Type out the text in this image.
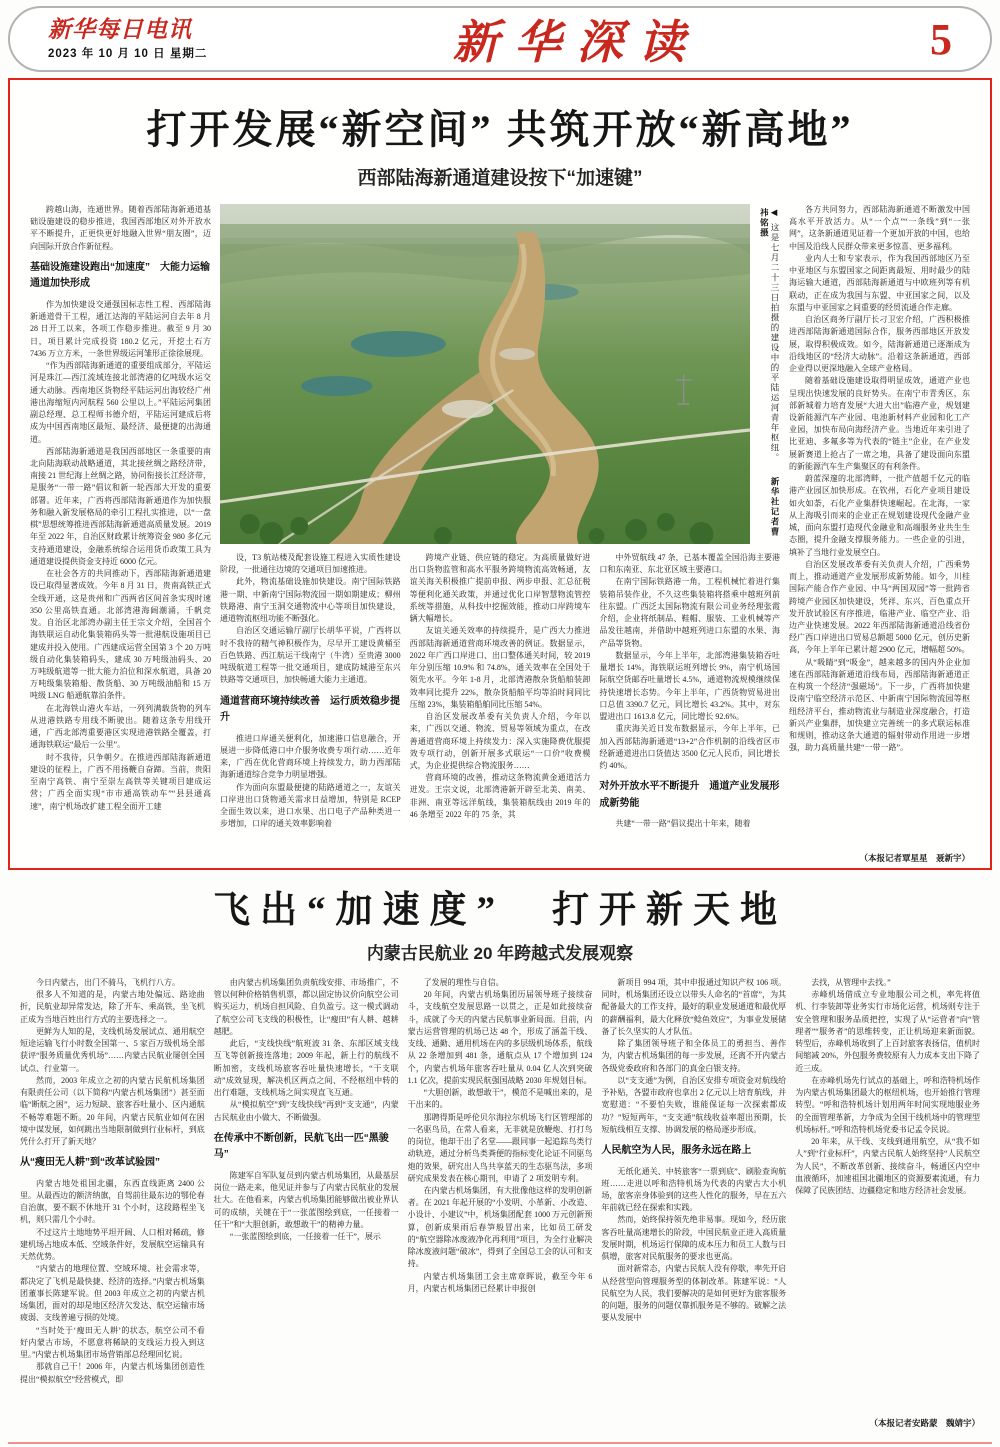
新华每日电讯
2023 年 10 月 10 日 星期二	新华深读	5
打开发展“新空间” 共筑开放“新高地”
西部陆海新通道建设按下“加速键”

跨越山海，连通世界。随着西部陆海新通道基础设施建设的稳步推进，我国西部地区对外开放水平不断提升，正更快更好地融入世界“朋友圈”，迈向国际开放合作新征程。

基础设施建设跑出“加速度”　大能力运输通道加快形成

作为加快建设交通强国标志性工程、西部陆海新通道骨干工程，通江达海的平陆运河自去年 8 月 28 日开工以来，各项工作稳步推进。截至 9 月 30 日，项目累计完成投资 180.2 亿元，开挖土石方 7436 万立方米，一条世界级运河雏形正徐徐展现。

“作为西部陆海新通道的重要组成部分，平陆运河是珠江—西江流域连接北部湾港的亿吨级水运交通大动脉。西南地区货物经平陆运河出海较经广州港出海缩短内河航程 560 公里以上。”平陆运河集团副总经理、总工程师书德介绍，平陆运河建成后将成为中国西南地区最短、最经济、最便捷的出海通道。

西部陆海新通道是我国西部地区一条重要的南北向陆海联动战略通道，其北接丝绸之路经济带，南接 21 世纪海上丝绸之路，协同衔接长江经济带，是服务“一带一路”倡议和新一轮西部大开发的重要部署。近年来，广西将西部陆海新通道作为加快服务和融入新发展格局的牵引工程扎实推进，以“一盘棋”思想统筹推进西部陆海新通道高质量发展。2019 年至 2022 年，自治区财政累计统筹资金 980 多亿元支持通道建设，金融系统综合运用货币政策工具为通道建设提供资金支持近 6000 亿元。

在社会各方的共同推动下，西部陆海新通道建设已取得显著成效。今年 8 月 31 日，贵南高铁正式全线开通，这是贵州和广西两省区间首条实现时速 350 公里高铁直通。北部湾港海阔潮涌，千帆竞发。自治区北部湾办副主任王宗文介绍，全国首个海铁联运自动化集装箱码头等一批港航设施项目已建成并投入使用。广西建成运营全国第 3 个 20 万吨级自动化集装箱码头，建成 30 万吨级油码头、20 万吨级航道等一批大能力泊位和深水航道，具备 20 万吨级集装箱船、散货船、30 万吨级油船和 15 万吨级 LNG 船通航靠泊条件。

在北海铁山港火车站，一列列满载货物的列车从进港铁路专用线不断驶出。随着这条专用线开通，广西北部湾重要港区实现进港铁路全覆盖，打通海铁联运“最后一公里”。

时不我待，只争朝夕。在推进西部陆海新通道建设的征程上，广西不用扬鞭自奋蹄。当前，贵阳至南宁高铁、南宁至崇左高铁等关键项目建成运营；广西全面实现“市市通高铁动车”“县县通高速”，南宁机场改扩建工程全面开工建

◀ 这是七月二十三日拍摄的建设中的平陆运河青年枢纽。 新华社记者曹祎铭摄

设，T3 航站楼及配套设施工程进入实质性建设阶段，一批通往边境的交通项目加速推进。

此外，物流基础设施加快建设。南宁国际铁路港一期、中新南宁国际物流园一期如期建成；柳州铁路港、南宁玉洞交通物流中心等项目加快建设，通道物流枢纽功能不断强化。

自治区交通运输厅副厅长胡华平说，广西将以时不我待的精气神积极作为，尽早开工建设黄桶至百色铁路、西江航运干线南宁（牛湾）至贵港 3000 吨级航道工程等一批交通项目，建成防城港至东兴铁路等交通项目，加快畅通大能力主通道。

通道营商环境持续改善　运行质效稳步提升

推进口岸通关便利化，加速港口信息融合，开展进一步降低港口中介服务收费专项行动……近年来，广西在优化营商环境上持续发力，助力西部陆海新通道综合竞争力明显增强。

作为面向东盟最便捷的陆路通道之一，友谊关口岸进出口货物通关需求日益增加，特别是 RCEP 全面生效以来，进口水果、出口电子产品种类进一步增加，口岸的通关效率影响着

跨境产业链、供应链的稳定。为高质量做好进出口货物监管和高水平服务跨境物流高效畅通，友谊关海关积极推广提前申报、两步申报、汇总征税等便利化通关政策，并通过优化口岸智慧物流管控系统等措施，从科技中挖掘效能，推动口岸跨境车辆大幅增长。

友谊关通关效率的持续提升，是广西大力推进西部陆海新通道营商环境改善的例证。数据显示，2022 年广西口岸进口、出口整体通关时间，较 2019 年分别压缩 10.9% 和 74.8%，通关效率在全国处于领先水平。今年 1-8 月，北部湾港散杂货船舶装卸效率同比提升 22%，散杂货船舶平均等泊时间同比压缩 23%，集装箱船舶同比压缩 54%。

自治区发展改革委有关负责人介绍，今年以来，广西以交通、物流、贸易等领域为重点，在改善通道营商环境上持续发力：深入实施降费优服提效专项行动，创新开展多式联运“一口价”收费模式，为企业提供综合物流服务……

营商环境的改善，推动这条物流黄金通道活力迸发。王宗文说，北部湾港新开辟至北美、南美、非洲、南亚等远洋航线，集装箱航线由 2019 年的 46 条增至 2022 年的 75 条，其

中外贸航线 47 条，已基本覆盖全国沿海主要港口和东南亚、东北亚区域主要港口。

在南宁国际铁路港一角，工程机械忙着进行集装箱吊装作业，不久这些集装箱将搭乘中越班列前往东盟。广西泛太国际物流有限公司业务经理张霞介绍，企业将纸制品、鞋帽、服装、工业机械等产品发往越南，并借助中越班列进口东盟的水果、海产品等货物。

数据显示，今年上半年，北部湾港集装箱吞吐量增长 14%，海铁联运班列增长 9%，南宁机场国际航空货邮吞吐量增长 4.5%，通道物流规模继续保持快速增长态势。今年上半年，广西货物贸易进出口总值 3390.7 亿元，同比增长 43.2%。其中，对东盟进出口 1613.8 亿元，同比增长 92.6%。

重庆海关近日发布数据显示，今年上半年，已加入西部陆海新通道“13+2”合作机制的沿线省区市经新通道进出口货值达 3500 亿元人民币，同比增长约 40%。

对外开放水平不断提升　通道产业发展形成新势能

共建“一带一路”倡议提出十年来，随着

各方共同努力，西部陆海新通道不断激发中国高水平开放活力。从“一个点”“一条线”到“一张网”，这条新通道见证着一个更加开放的中国，也给中国及沿线人民群众带来更多惊喜、更多福利。

业内人士和专家表示，作为我国西部地区乃至中亚地区与东盟国家之间距离最短、用时最少的陆海运输大通道，西部陆海新通道与中欧班列等有机联动，正在成为我国与东盟、中亚国家之间，以及东盟与中亚国家之间重要的经贸流通合作走廊。

自治区商务厅副厅长刁卫宏介绍，广西积极推进西部陆海新通道国际合作，服务西部地区开放发展，取得积极成效。如今，陆海新通道已逐渐成为沿线地区的“经济大动脉”。沿着这条新通道，西部企业得以更深地融入全球产业格局。

随着基础设施建设取得明显成效，通道产业也呈现出快速发展的良好势头。在南宁市青秀区，东部新城着力培育发展“大进大出”临港产业，规划建设新能源汽车产业园、电池新材料产业园和化工产业园，加快布局向海经济产业。当地近年来引进了比亚迪、多氟多等为代表的“链主”企业，在产业发展新赛道上抢占了一席之地，具备了建设面向东盟的新能源汽车生产集聚区的有利条件。

蔚蓝深邃的北部湾畔，一批产值超千亿元的临港产业园区加快形成。在钦州，石化产业项目建设如火如荼，石化产业集群快速崛起。在北海，一家从上海吸引而来的企业正在规划建设现代金融产业城，面向东盟打造现代金融业和高端服务业共生生态圈，提升金融支撑服务能力。一些企业的引进，填补了当地行业发展空白。

自治区发展改革委有关负责人介绍，广西乘势而上，推动通道产业发展形成新势能。如今，川桂国际产能合作产业园、中马“两国双园”等一批跨省跨境产业园区加快建设，凭祥、东兴、百色重点开发开放试验区有序推进，临港产业、临空产业、沿边产业快速发展。2022 年西部陆海新通道沿线省份经广西口岸进出口贸易总额超 5000 亿元，创历史新高，今年上半年已累计超 2900 亿元，增幅超 50%。

从“吸睛”到“吸金”，越来越多的国内外企业加速在西部陆海新通道沿线布局，西部陆海新通道正在构筑一个经济“强磁场”。下一步，广西将加快建设南宁临空经济示范区、中新南宁国际物流园等枢纽经济平台，推动物流业与制造业深度融合，打造新兴产业集群，加快建立完善统一的多式联运标准和规则，推动这条大通道的辐射带动作用进一步增强，助力高质量共建“一带一路”。

（本报记者覃星星　聂新宇）
飞出“加速度”　打开新天地
内蒙古民航业 20 年跨越式发展观察

今日内蒙古，出门不骑马，飞机行八方。

很多人不知道的是，内蒙古地处偏远、路途曲折，民航业却异常发达，除了开车、乘高铁，坐飞机正成为当地百姓出行方式的主要选择之一。

更鲜为人知的是，支线机场发展试点、通用航空短途运输飞行小时数全国第一、5 家百万级机场全部获评“服务质量优秀机场”……内蒙古民航业屡创全国试点、行业第一。

然而，2003 年成立之初的内蒙古民航机场集团有限责任公司（以下简称“内蒙古机场集团”）甚至面临“断航之困”，运力短缺、旅客吞吐量小、区内通航不畅等难题不断。20 年间，内蒙古民航业如何在困境中谋发展，如何跳出当地限制做到行业标杆，到底凭什么打开了新天地？

从“瘦田无人耕”到“改革试验园”

内蒙古地处祖国北疆，东西直线距离 2400 公里。从最西边的额济纳旗，自驾前往最东边的鄂伦春自治旗，要不眠不休地开 31 个小时，这段路程坐飞机，则只需几个小时。

不过这片土地地势平坦开阔、人口相对稀疏，修建机场占地成本低、空域条件好，发展航空运输具有天然优势。

“内蒙古的地理位置、空域环境、社会需求等，都决定了飞机是最快捷、经济的选择。”内蒙古机场集团董事长陈建军说。但 2003 年成立之初的内蒙古机场集团，面对的却是地区经济欠发达、航空运输市场疲弱、支线普遍亏损的处境。

“当时处于‘瘦田无人耕’的状态，航空公司不看好内蒙古市场，不愿意将稀缺的支线运力投入到这里。”内蒙古机场集团市场营销部总经理回忆说。

那就自己干！2006 年，内蒙古机场集团创造性提出“模拟航空”经营模式，即

由内蒙古机场集团负责航线安排、市场推广，不管以何种价格销售机票，都以固定协议价向航空公司购买运力，机场自担风险、自负盈亏。这一模式调动了航空公司飞支线的积极性，让“瘦田”有人耕、越耕越肥。

此后，“支线快线”航班波 31 条、东部区域支线互飞等创新接连落地；2009 年起，新上行的航线不断加密，支线机场旅客吞吐量快速增长，“干支联动”成效显现，解决机区两点之间、不经枢纽中转的出行难题，支线机场之间实现直飞互通。

从“模拟航空”到“支线快线”再到“支支通”，内蒙古民航业由小做大、不断做强。

在传承中不断创新，民航飞出一匹“黑骏马”

陈建军自军队复员到内蒙古机场集团，从最基层岗位一路走来，他见证并参与了内蒙古民航业的发展壮大。在他看来，内蒙古机场集团能够做出被业界认可的成绩，关键在于“一张蓝图绘到底，一任接着一任干”和“大胆创新，敢想敢干”的精神力量。

“一张蓝图绘到底，一任接着一任干”，展示

了发展的理性与自信。

20 年间，内蒙古机场集团历届领导班子接续奋斗，支线航空发展思路一以贯之，正是如此接续奋斗，成就了今天的内蒙古民航事业新局面。目前，内蒙古运营管理的机场已达 48 个，形成了涵盖干线、支线、通勤、通用机场在内的多层级机场体系，航线从 22 条增加到 481 条，通航点从 17 个增加到 124 个，内蒙古机场年旅客吞吐量从 0.04 亿人次到突破 1.1 亿次，提前实现民航强国战略 2030 年规划目标。

“大胆创新，敢想敢干”，模范不是喊出来的，是干出来的。

那聘得斯是呼伦贝尔海拉尔机场飞行区管理部的一名驱鸟员，在常人看来，无非就是放鞭炮、打打鸟的岗位，他却干出了名堂——跟同事一起追踪鸟类行动轨迹，通过分析鸟类粪便的指标变化论证不同驱鸟炮的效果，研究出人鸟共享蓝天的生态驱鸟法，多项研究成果发表在核心期刊，申请了 2 项发明专利。

在内蒙古机场集团，有大批像他这样的发明创新者。在 2021 年起开展的“小发明、小革新、小改造、小设计、小建议”中，机场集团配套 1000 万元创新预算，创新成果雨后春笋般冒出来，比如员工研发的“航空器除冰废液净化再利用”项目，为全行业解决除冰废液问题“破冰”，得到了全国总工会的认可和支持。

内蒙古机场集团工会主席章晖说，截至今年 6 月，内蒙古机场集团已经累计申报创

新项目 994 项，其中申报通过知识产权 106 项。同时，机场集团还设立以带头人命名的“首席”，为其配备最大的工作支持，最好的职业发展通道和最优厚的薪酬福利，最大化释放“鲶鱼效应”，为事业发展储备了长久坚实的人才队伍。

除了集团领导班子和全体员工的勇担当、善作为，内蒙古机场集团的每一步发展，还离不开内蒙古各级党委政府和各部门的真金白银支持。

以“支支通”为例，自治区安排专项资金对航线给予补贴，各盟市政府也拿出 2 亿元以上培育航线，并宽慰道：“不要怕失败，谁能保证每一次探索都成功？”短短两年，“支支通”航线收益率超出预期，长短航线相互支撑、协调发展的格局逐步形成。

人民航空为人民，服务永远在路上

无纸化通关、中转旅客“一票到底”、刷脸查询航班……走进以呼和浩特机场为代表的内蒙古大小机场，旅客亲身体验到的这些人性化的服务，早在五六年前就已经在探索和实践。

然而，始终保持领先绝非易事。现如今，经历旅客吞吐量高速增长的阶段，中国民航业正进入高质量发展时期，机场运行保障的成本压力和员工人数与日俱增，旅客对民航服务的要求也更高。

面对新常态，内蒙古民航人没有停歇，率先开启从经营型向管理服务型的体制改革。陈建军说：“人民航空为人民，我们要解决的是如何更好为旅客服务的问题，服务的问题仅靠抓服务是不够的。破解之法要从发展中

去找，从管理中去找。”

赤峰机场借成立专业地服公司之机，率先将值机、行李装卸等业务实行市场化运营，机场则专注于安全管理和服务品质把控，实现了从“运营者”向“管理者”“服务者”的思维转变，正让机场迎来新面貌。转型后，赤峰机场收到了上百封旅客表扬信，值机时间缩减 20%，外包服务费较原有人力成本支出下降了近三成。

在赤峰机场先行试点的基础上，呼和浩特机场作为内蒙古机场集团最大的枢纽机场，也开始推行管理转型。“呼和浩特机场计划用两年时间实现地服业务的全面管理革新，力争成为全国干线机场中的管理型机场标杆。”呼和浩特机场党委书记孟令民说。

20 年来，从干线、支线到通用航空，从“我不如人”到“行业标杆”，内蒙古民航人始终坚持“人民航空为人民”，不断改革创新、接续奋斗，畅通区内空中血液循环，加速祖国北疆地区的资源要素流通，有力保障了民族团结、边疆稳定和地方经济社会发展。

（本报记者安路蒙　魏婧宇）
